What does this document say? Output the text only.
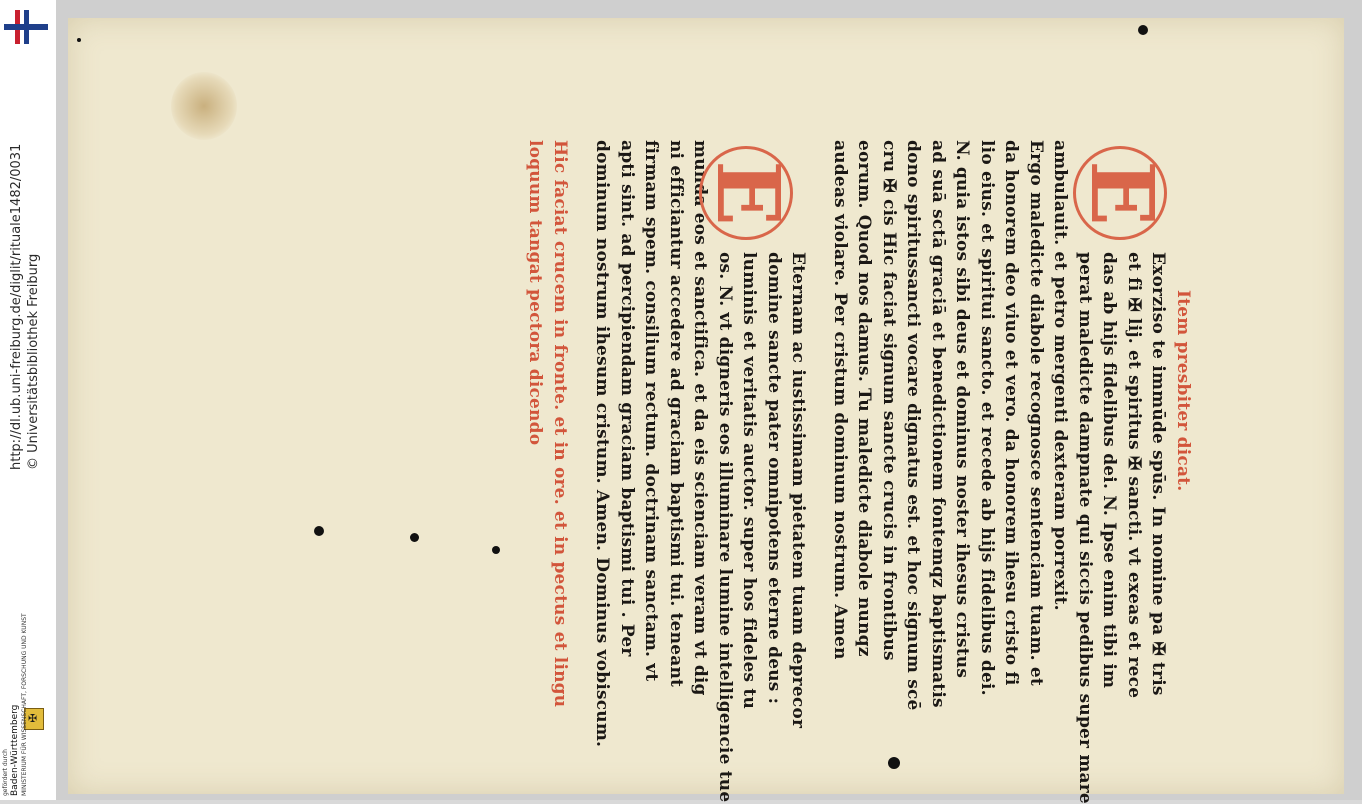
http://dl.ub.uni-freiburg.de/diglit/rituale1482/0031 © Universitätsbibliothek Freiburg
✠
gefördert durch Baden-Württemberg MINISTERIUM FÜR WISSENSCHAFT, FORSCHUNG UND KUNST
Item presbiter dicat.
E
Exorziso te immūde spūs. In nomine pa ✠ tris
et fi ✠ lij. et spiritus ✠ sancti. vt exeas et rece
das ab hijs fidelibus dei. N. Ipse enim tibi im
perat maledicte dampnate qui siccis pedibus super mare
ambulauit. et petro mergenti dexteram porrexit.
Ergo maledicte diabole recognosce sentenciam tuam. et
da honorem deo viuo et vero. da honorem ihesu cristo fi
lio eius. et spiritui sancto. et recede ab hijs fidelibus dei.
N. quia istos sibi deus et dominus noster ihesus cristus
ad suā sctā graciā et benedictionem fontemqz baptismatis
dono spiritussancti vocare dignatus est. et hoc signum scē
cru ✠ cis Hic faciat signum sancte crucis in frontibus
eorum. Quod nos damus. Tu maledicte diabole nunqz
audeas violare. Per cristum dominum nostrum. Amen
E
Eternam ac iustissimam pietatem tuam deprecor
domine sancte pater omnipotens eterne deus :
luminis et veritatis auctor. super hos fideles tu
os. N. vt digneris eos illuminare lumine intelligencie tue
munda eos et sanctifica. et da eis scienciam veram vt dig
ni efficiantur accedere ad graciam baptismi tui. teneant
firmam spem. consilium rectum. doctrinam sanctam. vt
apti sint. ad percipiendam graciam baptismi tui . Per
dominum nostrum ihesum cristum. Amen. Dominus vobiscum.
Hic faciat crucem in fronte. et in ore. et in pectus et lingu
loquum tangat pectora dicendo
